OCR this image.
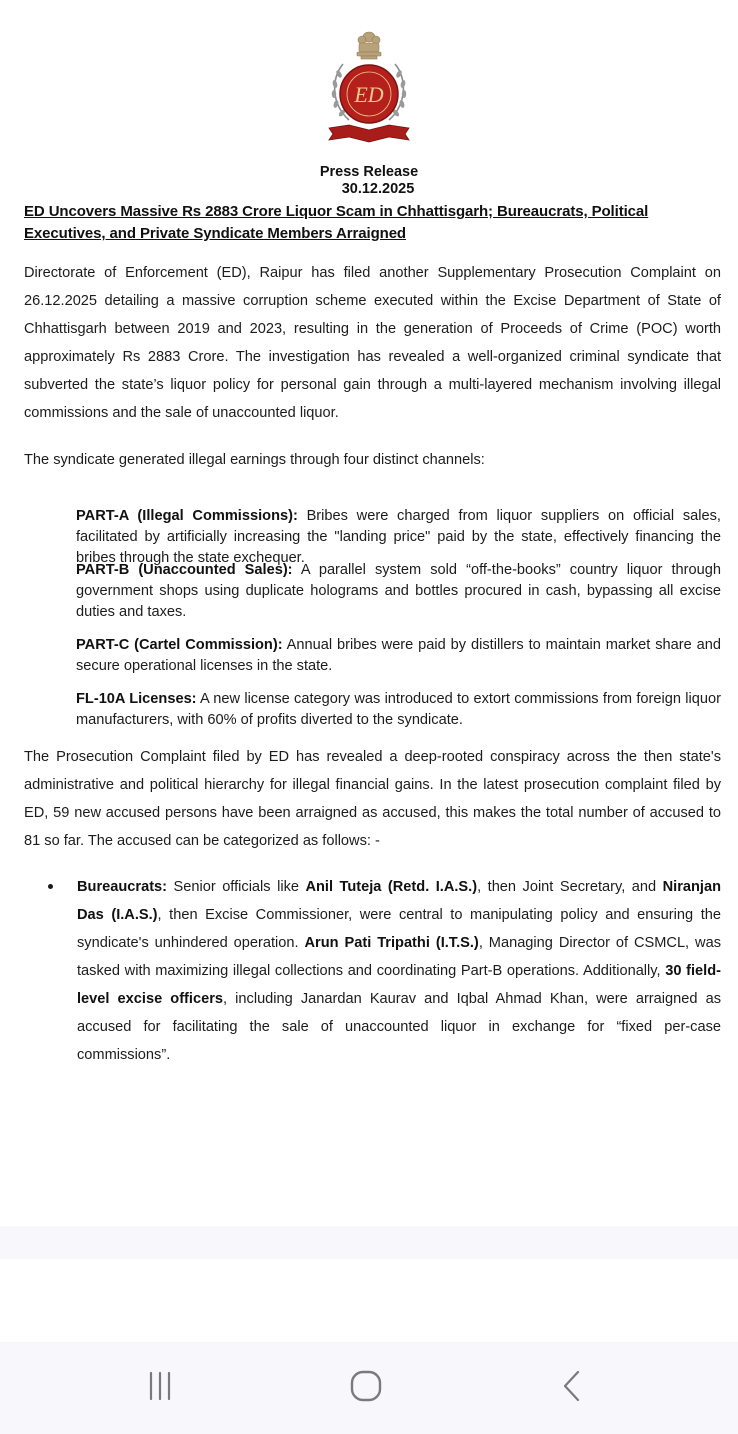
ED
Press Release
30.12.2025
ED Uncovers Massive Rs 2883 Crore Liquor Scam in Chhattisgarh; Bureaucrats, Political Executives, and Private Syndicate Members Arraigned

Directorate of Enforcement (ED), Raipur has filed another Supplementary Prosecution Complaint on 26.12.2025 detailing a massive corruption scheme executed within the Excise Department of State of Chhattisgarh between 2019 and 2023, resulting in the generation of Proceeds of Crime (POC) worth approximately Rs 2883 Crore. The investigation has revealed a well-organized criminal syndicate that subverted the state’s liquor policy for personal gain through a multi-layered mechanism involving illegal commissions and the sale of unaccounted liquor.

The syndicate generated illegal earnings through four distinct channels:

PART-A (Illegal Commissions): Bribes were charged from liquor suppliers on official sales, facilitated by artificially increasing the "landing price" paid by the state, effectively financing the bribes through the state exchequer.

PART-B (Unaccounted Sales): A parallel system sold “off-the-books” country liquor through government shops using duplicate holograms and bottles procured in cash, bypassing all excise duties and taxes.

PART-C (Cartel Commission): Annual bribes were paid by distillers to maintain market share and secure operational licenses in the state.

FL-10A Licenses: A new license category was introduced to extort commissions from foreign liquor manufacturers, with 60% of profits diverted to the syndicate.

The Prosecution Complaint filed by ED has revealed a deep-rooted conspiracy across the then state's administrative and political hierarchy for illegal financial gains. In the latest prosecution complaint filed by ED, 59 new accused persons have been arraigned as accused, this makes the total number of accused to 81 so far. The accused can be categorized as follows: -

Bureaucrats: Senior officials like Anil Tuteja (Retd. I.A.S.), then Joint Secretary, and Niranjan Das (I.A.S.), then Excise Commissioner, were central to manipulating policy and ensuring the syndicate's unhindered operation. Arun Pati Tripathi (I.T.S.), Managing Director of CSMCL, was tasked with maximizing illegal collections and coordinating Part-B operations. Additionally, 30 field-level excise officers, including Janardan Kaurav and Iqbal Ahmad Khan, were arraigned as accused for facilitating the sale of unaccounted liquor in exchange for “fixed per-case commissions”.
